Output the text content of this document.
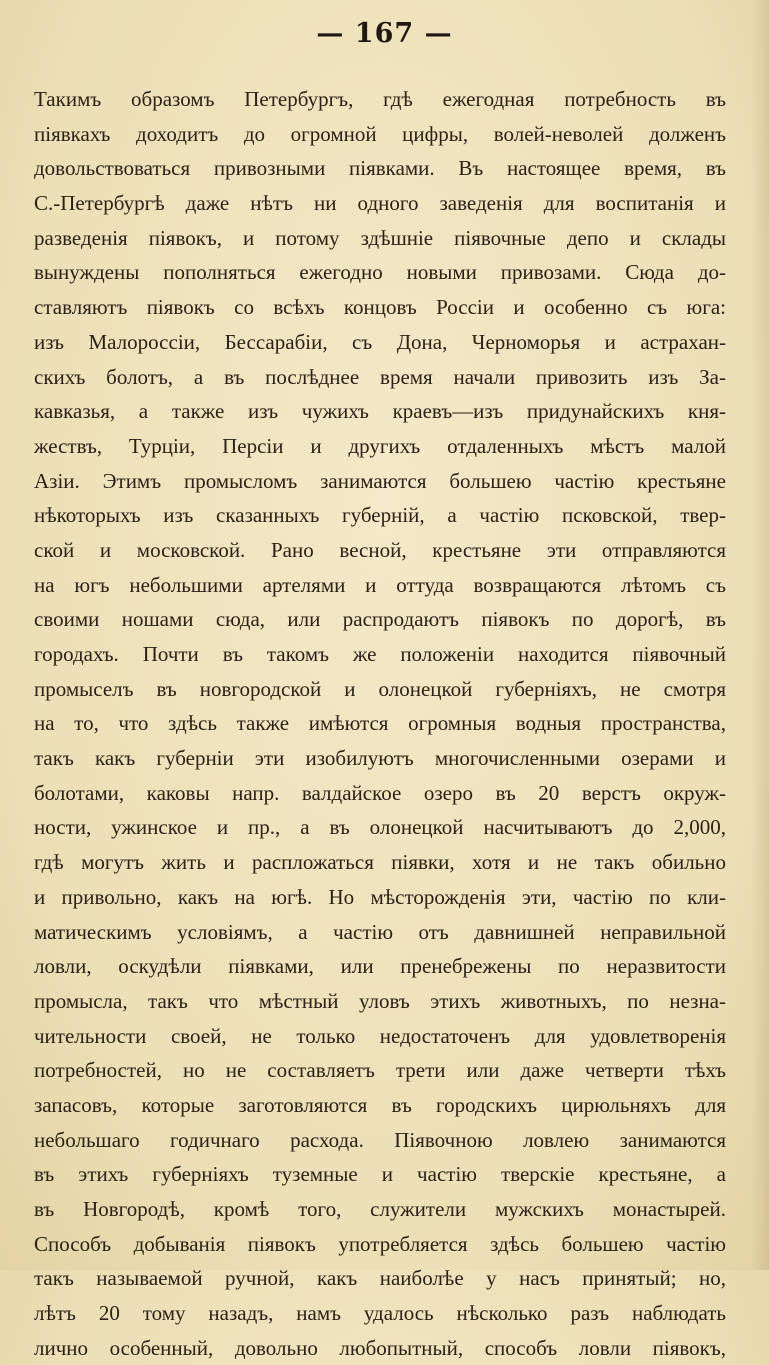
— 167 —
Такимъ образомъ Петербургъ, гдѣ ежегодная потребность въ
піявкахъ доходитъ до огромной цифры, волей-неволей долженъ
довольствоваться привозными піявками. Въ настоящее время, въ
С.-Петербургѣ даже нѣтъ ни одного заведенія для воспитанія и
разведенія піявокъ, и потому здѣшніе піявочные депо и склады
вынуждены пополняться ежегодно новыми привозами. Сюда до-
ставляютъ піявокъ со всѣхъ концовъ Россіи и особенно съ юга:
изъ Малороссіи, Бессарабіи, съ Дона, Черноморья и астрахан-
скихъ болотъ, а въ послѣднее время начали привозить изъ За-
кавказья, а также изъ чужихъ краевъ—изъ придунайскихъ кня-
жествъ, Турціи, Персіи и другихъ отдаленныхъ мѣстъ малой
Азіи. Этимъ промысломъ занимаются большею частію крестьяне
нѣкоторыхъ изъ сказанныхъ губерній, а частію псковской, твер-
ской и московской. Рано весной, крестьяне эти отправляются
на югъ небольшими артелями и оттуда возвращаются лѣтомъ съ
своими ношами сюда, или распродаютъ піявокъ по дорогѣ, въ
городахъ. Почти въ такомъ же положеніи находится піявочный
промыселъ въ новгородской и олонецкой губерніяхъ, не смотря
на то, что здѣсь также имѣются огромныя водныя пространства,
такъ какъ губерніи эти изобилуютъ многочисленными озерами и
болотами, каковы напр. валдайское озеро въ 20 верстъ окруж-
ности, ужинское и пр., а въ олонецкой насчитываютъ до 2,000,
гдѣ могутъ жить и распложаться піявки, хотя и не такъ обильно
и привольно, какъ на югѣ. Но мѣсторожденія эти, частію по кли-
матическимъ условіямъ, а частію отъ давнишней неправильной
ловли, оскудѣли піявками, или пренебрежены по неразвитости
промысла, такъ что мѣстный уловъ этихъ животныхъ, по незна-
чительности своей, не только недостаточенъ для удовлетворенія
потребностей, но не составляетъ трети или даже четверти тѣхъ
запасовъ, которые заготовляются въ городскихъ цирюльняхъ для
небольшаго годичнаго расхода. Піявочною ловлею занимаются
въ этихъ губерніяхъ туземные и частію тверскіе крестьяне, а
въ Новгородѣ, кромѣ того, служители мужскихъ монастырей.
Способъ добыванія піявокъ употребляется здѣсь большею частію
такъ называемой ручной, какъ наиболѣе у насъ принятый; но,
лѣтъ 20 тому назадъ, намъ удалось нѣсколько разъ наблюдать
лично особенный, довольно любопытный, способъ ловли піявокъ,
